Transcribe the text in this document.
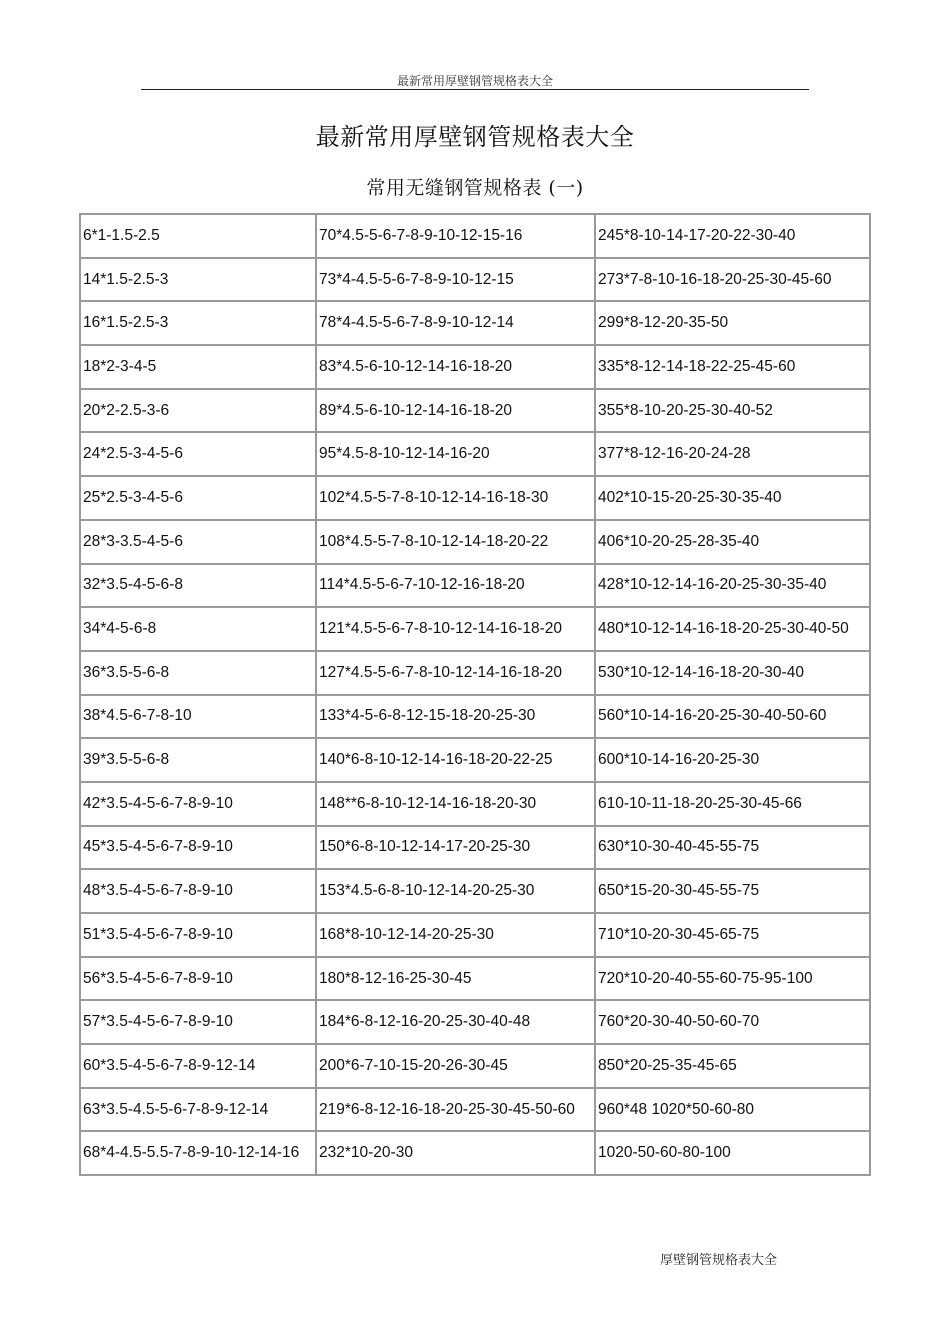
最新常用厚壁钢管规格表大全
最新常用厚壁钢管规格表大全
常用无缝钢管规格表 (一)
6*1-1.5-2.5	70*4.5-5-6-7-8-9-10-12-15-16	245*8-10-14-17-20-22-30-40
14*1.5-2.5-3	73*4-4.5-5-6-7-8-9-10-12-15	273*7-8-10-16-18-20-25-30-45-60
16*1.5-2.5-3	78*4-4.5-5-6-7-8-9-10-12-14	299*8-12-20-35-50
18*2-3-4-5	83*4.5-6-10-12-14-16-18-20	335*8-12-14-18-22-25-45-60
20*2-2.5-3-6	89*4.5-6-10-12-14-16-18-20	355*8-10-20-25-30-40-52
24*2.5-3-4-5-6	95*4.5-8-10-12-14-16-20	377*8-12-16-20-24-28
25*2.5-3-4-5-6	102*4.5-5-7-8-10-12-14-16-18-30	402*10-15-20-25-30-35-40
28*3-3.5-4-5-6	108*4.5-5-7-8-10-12-14-18-20-22	406*10-20-25-28-35-40
32*3.5-4-5-6-8	114*4.5-5-6-7-10-12-16-18-20	428*10-12-14-16-20-25-30-35-40
34*4-5-6-8	121*4.5-5-6-7-8-10-12-14-16-18-20	480*10-12-14-16-18-20-25-30-40-50
36*3.5-5-6-8	127*4.5-5-6-7-8-10-12-14-16-18-20	530*10-12-14-16-18-20-30-40
38*4.5-6-7-8-10	133*4-5-6-8-12-15-18-20-25-30	560*10-14-16-20-25-30-40-50-60
39*3.5-5-6-8	140*6-8-10-12-14-16-18-20-22-25	600*10-14-16-20-25-30
42*3.5-4-5-6-7-8-9-10	148**6-8-10-12-14-16-18-20-30	610-10-11-18-20-25-30-45-66
45*3.5-4-5-6-7-8-9-10	150*6-8-10-12-14-17-20-25-30	630*10-30-40-45-55-75
48*3.5-4-5-6-7-8-9-10	153*4.5-6-8-10-12-14-20-25-30	650*15-20-30-45-55-75
51*3.5-4-5-6-7-8-9-10	168*8-10-12-14-20-25-30	710*10-20-30-45-65-75
56*3.5-4-5-6-7-8-9-10	180*8-12-16-25-30-45	720*10-20-40-55-60-75-95-100
57*3.5-4-5-6-7-8-9-10	184*6-8-12-16-20-25-30-40-48	760*20-30-40-50-60-70
60*3.5-4-5-6-7-8-9-12-14	200*6-7-10-15-20-26-30-45	850*20-25-35-45-65
63*3.5-4.5-5-6-7-8-9-12-14	219*6-8-12-16-18-20-25-30-45-50-60	960*48 1020*50-60-80
68*4-4.5-5.5-7-8-9-10-12-14-16	232*10-20-30	1020-50-60-80-100
厚壁钢管规格表大全
